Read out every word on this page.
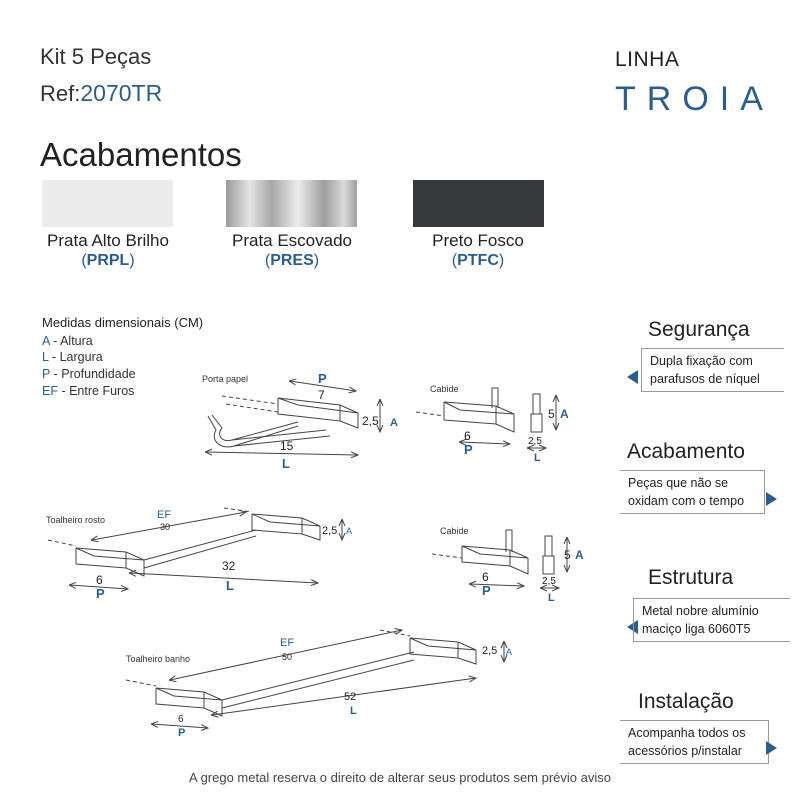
Kit 5 Peças
Ref:2070TR
LINHA
TROIA
Acabamentos
Prata Alto Brilho	Prata Escovado	Preto Fosco
(PRPL)	(PRES)	(PTFC)
Medidas dimensionais (CM)
A - Altura
L - Largura
P - Profundidade
EF - Entre Furos
Porta papel
Cabide
Toalheiro rosto
Cabide
Toalheiro banho
P
7
15
L
2,5 A
6
P
5 A
2,5
L
EF
30	2,5 A
32
L
6
P
6
P
5 A
2,5
L
EF
50	2,5 A
52
L
6
P
Segurança
Dupla fixação com
parafusos de níquel
Acabamento
Peças que não se
oxidam com o tempo
Estrutura
Metal nobre alumínio
maciço liga 6060T5
Instalação
Acompanha todos os
acessórios p/instalar
A grego metal reserva o direito de alterar seus produtos sem prévio aviso
